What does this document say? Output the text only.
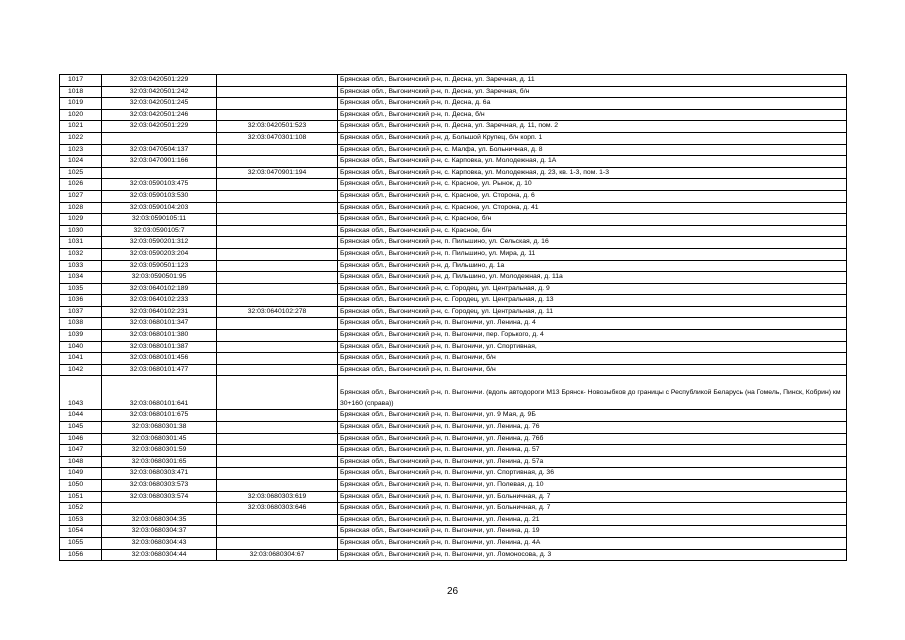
1017	32:03:0420501:229		Брянская обл., Выгоничский р-н, п. Десна, ул. Заречная, д. 11
1018	32:03:0420501:242		Брянская обл., Выгоничский р-н, п. Десна, ул. Заречная, б/н
1019	32:03:0420501:245		Брянская обл., Выгоничский р-н, п. Десна, д. 6а
1020	32:03:0420501:246		Брянская обл., Выгоничский р-н, п. Десна, б/н
1021	32:03:0420501:229	32:03:0420501:523	Брянская обл., Выгоничский р-н, п. Десна, ул. Заречная, д. 11, пом. 2
1022		32:03:0470301:108	Брянская обл., Выгоничский р-н, д. Большой Крупец, б/н корп. 1
1023	32:03:0470504:137		Брянская обл., Выгоничский р-н, с. Малфа, ул. Больничная, д. 8
1024	32:03:0470901:166		Брянская обл., Выгоничский р-н, с. Карповка, ул. Молодежная, д. 1А
1025		32:03:0470901:194	Брянская обл., Выгоничский р-н, с. Карповка, ул. Молодежная, д. 23, кв. 1-3, пом. 1-3
1026	32:03:0590103:475		Брянская обл., Выгоничский р-н, с. Красное, ул. Рынок, д. 10
1027	32:03:0590103:530		Брянская обл., Выгоничский р-н, с. Красное, ул. Сторона, д. 6
1028	32:03:0590104:203		Брянская обл., Выгоничский р-н, с. Красное, ул. Сторона, д. 41
1029	32:03:0590105:11		Брянская обл., Выгоничский р-н, с. Красное, б/н
1030	32:03:0590105:7		Брянская обл., Выгоничский р-н, с. Красное, б/н
1031	32:03:0590201:312		Брянская обл., Выгоничский р-н, п. Пильшино, ул. Сельская, д. 16
1032	32:03:0590203:204		Брянская обл., Выгоничский р-н, п. Пильшино, ул. Мира, д. 11
1033	32:03:0590501:123		Брянская обл., Выгоничский р-н, д. Пильшино, д. 1а
1034	32:03:0590501:95		Брянская обл., Выгоничский р-н, д. Пильшино, ул. Молодежная, д. 11а
1035	32:03:0640102:189		Брянская обл., Выгоничский р-н, с. Городец, ул. Центральная, д. 9
1036	32:03:0640102:233		Брянская обл., Выгоничский р-н, с. Городец, ул. Центральная, д. 13
1037	32:03:0640102:231	32:03:0640102:278	Брянская обл., Выгоничский р-н, с. Городец, ул. Центральная, д. 11
1038	32:03:0680101:347		Брянская обл., Выгоничский р-н, п. Выгоничи, ул. Ленина, д. 4
1039	32:03:0680101:380		Брянская обл., Выгоничский р-н, п. Выгоничи, пер. Горького, д. 4
1040	32:03:0680101:387		Брянская обл., Выгоничский р-н, п. Выгоничи, ул. Спортивная,
1041	32:03:0680101:456		Брянская обл., Выгоничский р-н, п. Выгоничи, б/н
1042	32:03:0680101:477		Брянская обл., Выгоничский р-н, п. Выгоничи, б/н
1043	32:03:0680101:641		Брянская обл., Выгоничский р-н, п. Выгоничи. (вдоль автодороги М13 Брянск- Новозыбков до границы с Республикой Беларусь (на Гомель, Пинск, Кобрин) км 30+160 (справа))
1044	32:03:0680101:675		Брянская обл., Выгоничский р-н, п. Выгоничи, ул. 9 Мая, д. 9Б
1045	32:03:0680301:38		Брянская обл., Выгоничский р-н, п. Выгоничи, ул. Ленина, д. 76
1046	32:03:0680301:45		Брянская обл., Выгоничский р-н, п. Выгоничи, ул. Ленина, д. 76б
1047	32:03:0680301:59		Брянская обл., Выгоничский р-н, п. Выгоничи, ул. Ленина, д. 57
1048	32:03:0680301:65		Брянская обл., Выгоничский р-н, п. Выгоничи, ул. Ленина, д. 57а
1049	32:03:0680303:471		Брянская обл., Выгоничский р-н, п. Выгоничи, ул. Спортивная, д. 36
1050	32:03:0680303:573		Брянская обл., Выгоничский р-н, п. Выгоничи, ул. Полевая, д. 10
1051	32:03:0680303:574	32:03:0680303:619	Брянская обл., Выгоничский р-н, п. Выгоничи, ул. Больничная, д. 7
1052		32:03:0680303:646	Брянская обл., Выгоничский р-н, п. Выгоничи, ул. Больничная, д. 7
1053	32:03:0680304:35		Брянская обл., Выгоничский р-н, п. Выгоничи, ул. Ленина, д. 21
1054	32:03:0680304:37		Брянская обл., Выгоничский р-н, п. Выгоничи, ул. Ленина, д. 19
1055	32:03:0680304:43		Брянская обл., Выгоничский р-н, п. Выгоничи, ул. Ленина, д. 4А
1056	32:03:0680304:44	32:03:0680304:67	Брянская обл., Выгоничский р-н, п. Выгоничи, ул. Ломоносова, д. 3
26
